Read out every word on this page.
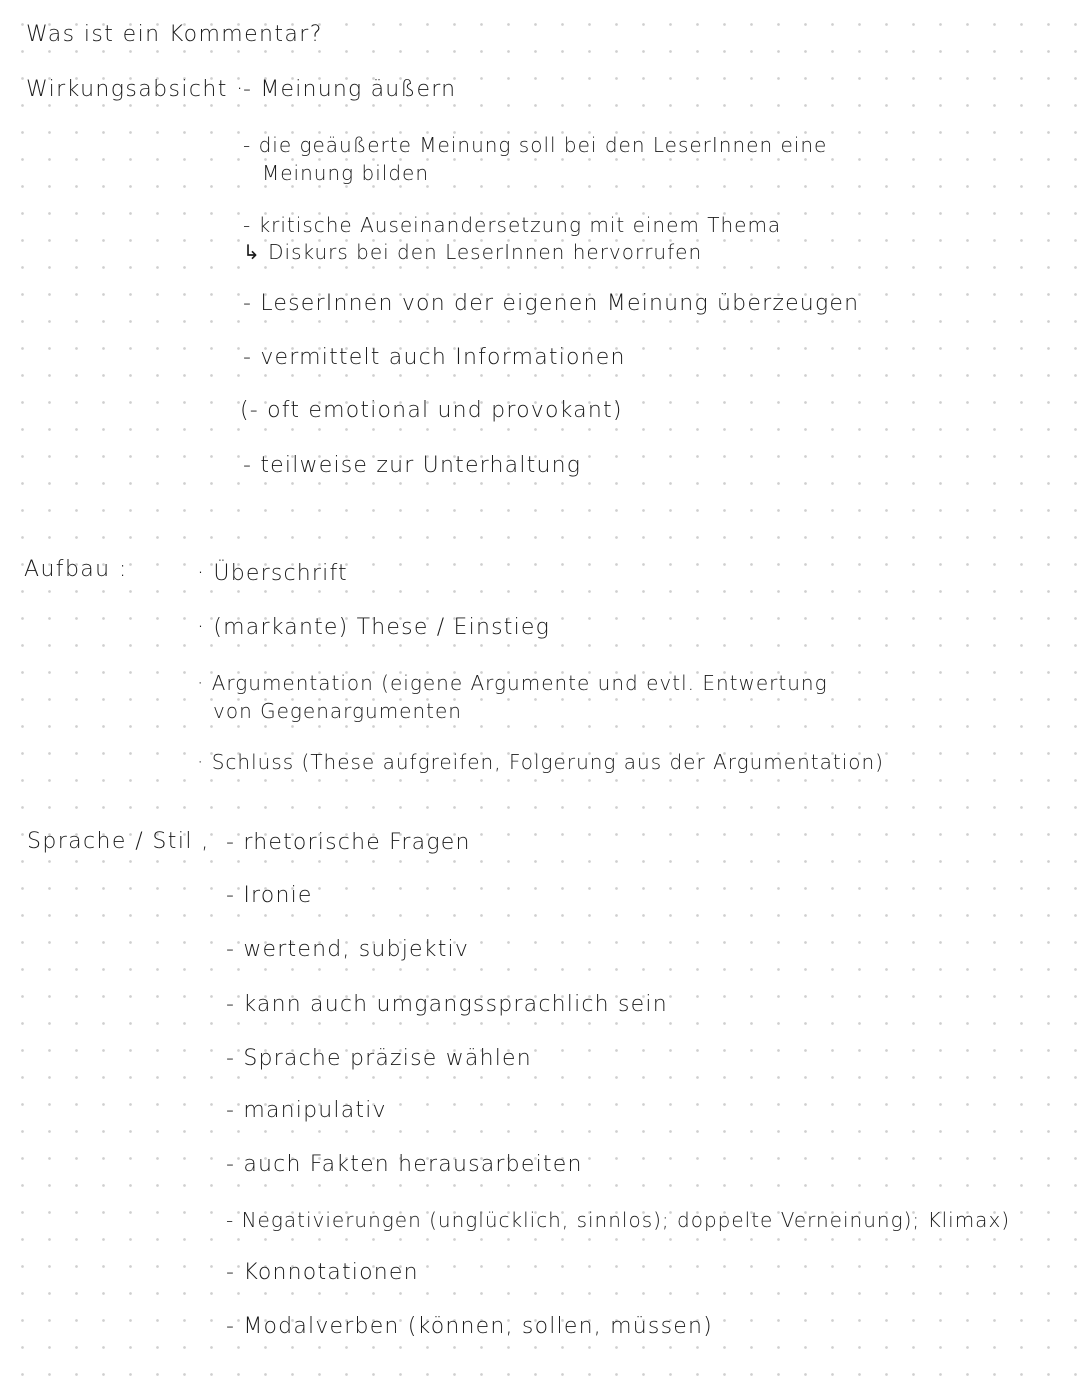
Was ist ein Kommentar?
Wirkungsabsicht ·
- Meinung äußern
- die geäußerte Meinung soll bei den LeserInnen eine
Meinung bilden
- kritische Auseinandersetzung mit einem Thema
↳ Diskurs bei den LeserInnen hervorrufen
- LeserInnen von der eigenen Meinung überzeugen
- vermittelt auch Informationen
(- oft emotional und provokant)
- teilweise zur Unterhaltung
Aufbau :	· Überschrift
· (markante) These / Einstieg
· Argumentation (eigene Argumente und evtl. Entwertung
von Gegenargumenten
· Schluss (These aufgreifen, Folgerung aus der Argumentation)
Sprache / Stil , - rhetorische Fragen
- Ironie
- wertend, subjektiv
- kann auch umgangssprachlich sein
- Sprache präzise wählen
- manipulativ
- auch Fakten herausarbeiten
- Negativierungen (unglücklich, sinnlos); doppelte Verneinung); Klimax)
- Konnotationen
- Modalverben (können, sollen, müssen)
